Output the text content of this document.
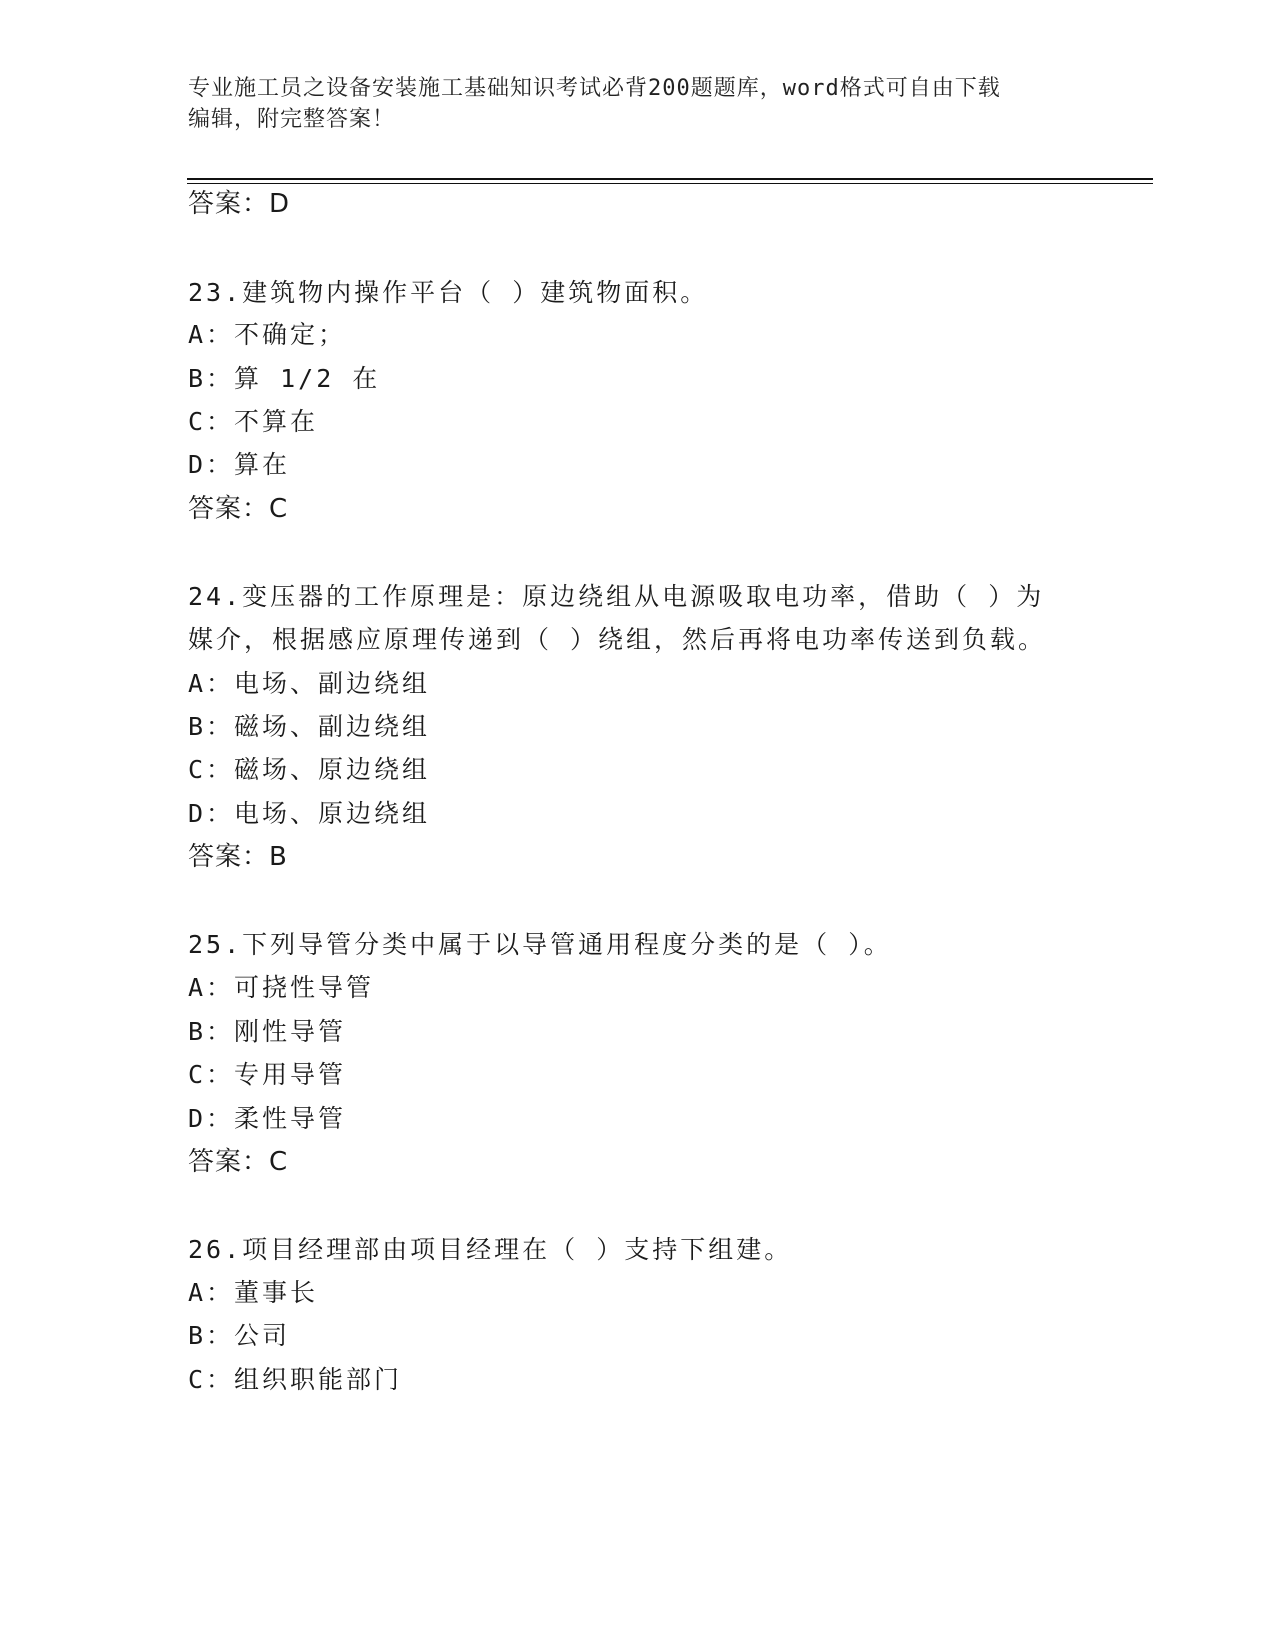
专业施工员之设备安装施工基础知识考试必背200题题库，word格式可自由下载
编辑，附完整答案！
答案：D
23.建筑物内操作平台（ ）建筑物面积。
A：不确定；
B：算 1/2 在
C：不算在
D：算在
答案：C
24.变压器的工作原理是：原边绕组从电源吸取电功率，借助（ ）为
媒介，根据感应原理传递到（ ）绕组，然后再将电功率传送到负载。
A：电场、副边绕组
B：磁场、副边绕组
C：磁场、原边绕组
D：电场、原边绕组
答案：B
25.下列导管分类中属于以导管通用程度分类的是（ ）。
A：可挠性导管
B：刚性导管
C：专用导管
D：柔性导管
答案：C
26.项目经理部由项目经理在（ ）支持下组建。
A：董事长
B：公司
C：组织职能部门
